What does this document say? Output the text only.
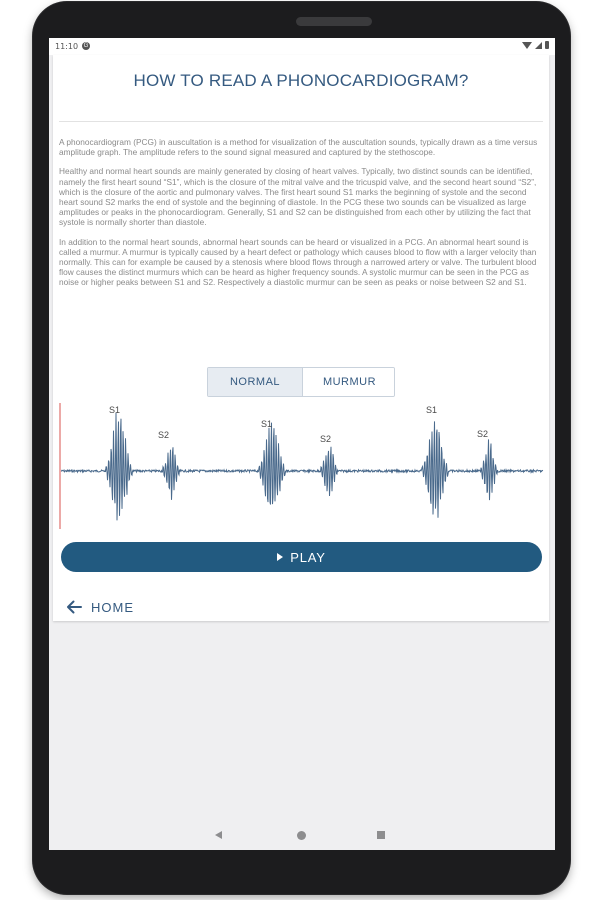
11:10 G
HOW TO READ A PHONOCARDIOGRAM?

A phonocardiogram (PCG) in auscultation is a method for visualization of the auscultation sounds, typically drawn as a time versus amplitude graph. The amplitude refers to the sound signal measured and captured by the stethoscope.

Healthy and normal heart sounds are mainly generated by closing of heart valves. Typically, two distinct sounds can be identified, namely the first heart sound “S1”, which is the closure of the mitral valve and the tricuspid valve, and the second heart sound “S2”, which is the closure of the aortic and pulmonary valves. The first heart sound S1 marks the beginning of systole and the second heart sound S2 marks the end of systole and the beginning of diastole. In the PCG these two sounds can be visualized as large amplitudes or peaks in the phonocardiogram. Generally, S1 and S2 can be distinguished from each other by utilizing the fact that systole is normally shorter than diastole.

In addition to the normal heart sounds, abnormal heart sounds can be heard or visualized in a PCG. An abnormal heart sound is called a murmur. A murmur is typically caused by a heart defect or pathology which causes blood to flow with a larger velocity than normally. This can for example be caused by a stenosis where blood flows through a narrowed artery or valve. The turbulent blood flow causes the distinct murmurs which can be heard as higher frequency sounds. A systolic murmur can be seen in the PCG as noise or higher peaks between S1 and S2. Respectively a diastolic murmur can be seen as peaks or noise between S2 and S1.

NORMAL	MURMUR
S1
S2
S1
S2
S1
S2
PLAY
HOME
